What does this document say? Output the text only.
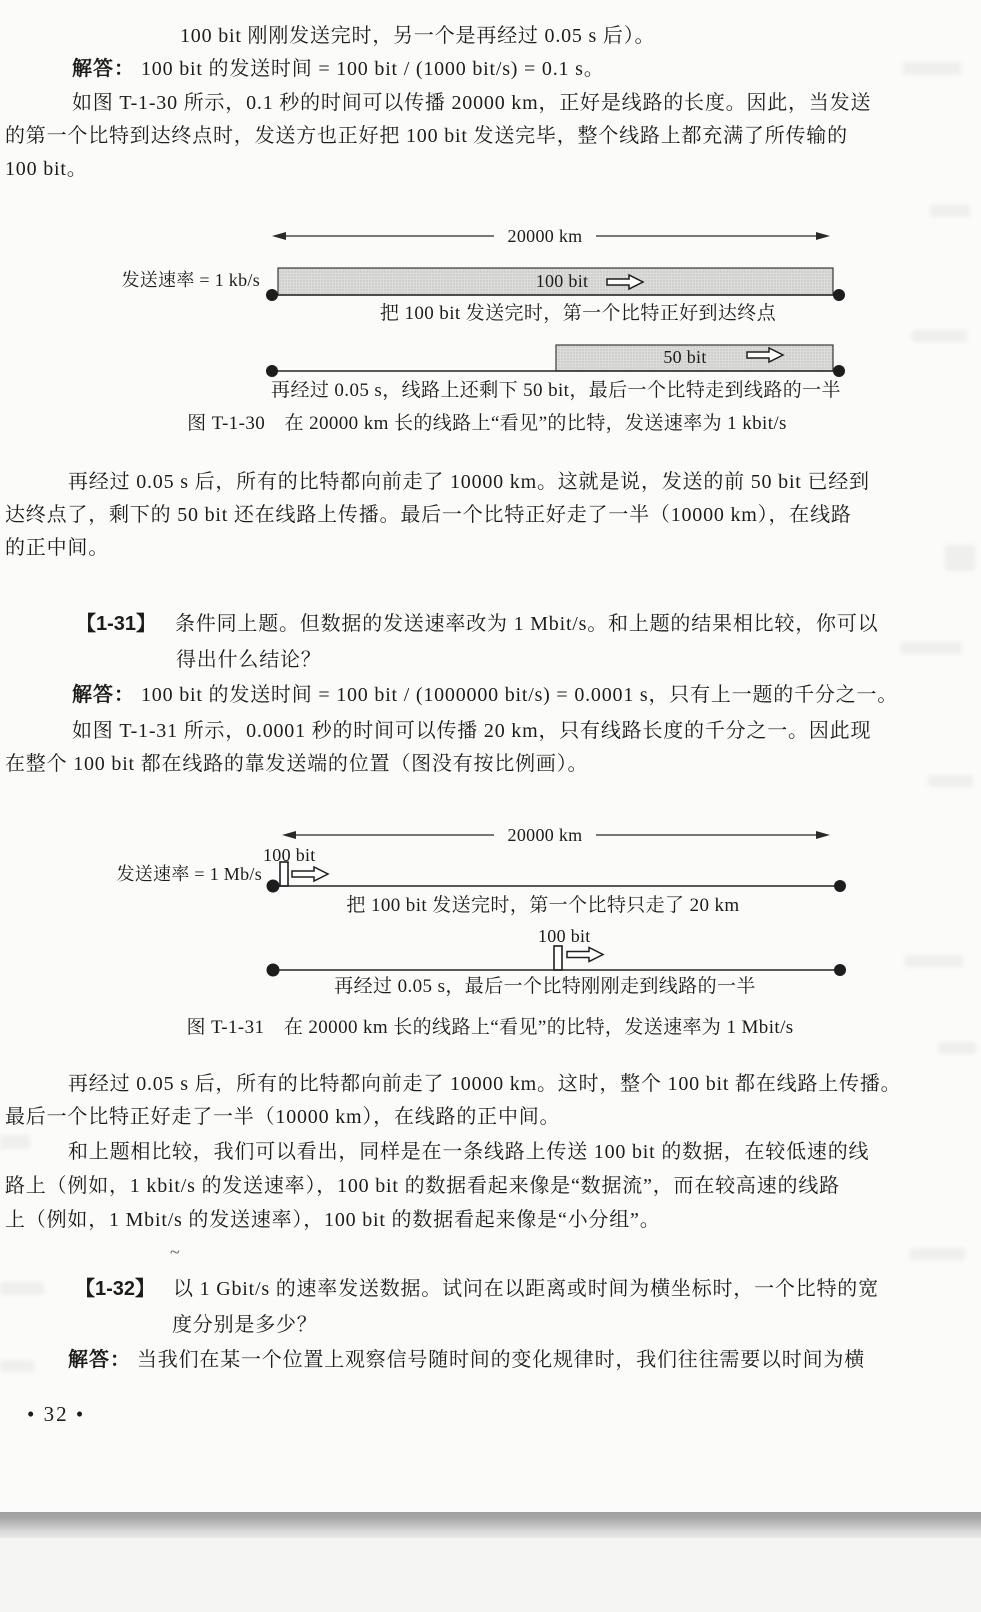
100 bit 刚刚发送完时，另一个是再经过 0.05 s 后）。
解答： 100 bit 的发送时间 = 100 bit / (1000 bit/s) = 0.1 s。
如图 T-1-30 所示，0.1 秒的时间可以传播 20000 km，正好是线路的长度。因此，当发送
的第一个比特到达终点时，发送方也正好把 100 bit 发送完毕，整个线路上都充满了所传输的
100 bit。
20000 km
发送速率 = 1 kb/s	100 bit
把 100 bit 发送完时，第一个比特正好到达终点
50 bit
再经过 0.05 s，线路上还剩下 50 bit，最后一个比特走到线路的一半
图 T-1-30　在 20000 km 长的线路上“看见”的比特，发送速率为 1 kbit/s
再经过 0.05 s 后，所有的比特都向前走了 10000 km。这就是说，发送的前 50 bit 已经到
达终点了，剩下的 50 bit 还在线路上传播。最后一个比特正好走了一半（10000 km），在线路
的正中间。
【1-31】 条件同上题。但数据的发送速率改为 1 Mbit/s。和上题的结果相比较，你可以
得出什么结论？
解答： 100 bit 的发送时间 = 100 bit / (1000000 bit/s) = 0.0001 s，只有上一题的千分之一。
如图 T-1-31 所示，0.0001 秒的时间可以传播 20 km，只有线路长度的千分之一。因此现
在整个 100 bit 都在线路的靠发送端的位置（图没有按比例画）。
20000 km
100 bit
发送速率 = 1 Mb/s
把 100 bit 发送完时，第一个比特只走了 20 km
100 bit
再经过 0.05 s，最后一个比特刚刚走到线路的一半
图 T-1-31　在 20000 km 长的线路上“看见”的比特，发送速率为 1 Mbit/s
再经过 0.05 s 后，所有的比特都向前走了 10000 km。这时，整个 100 bit 都在线路上传播。
最后一个比特正好走了一半（10000 km），在线路的正中间。
和上题相比较，我们可以看出，同样是在一条线路上传送 100 bit 的数据，在较低速的线
路上（例如，1 kbit/s 的发送速率），100 bit 的数据看起来像是“数据流”，而在较高速的线路
上（例如，1 Mbit/s 的发送速率），100 bit 的数据看起来像是“小分组”。
~
【1-32】 以 1 Gbit/s 的速率发送数据。试问在以距离或时间为横坐标时，一个比特的宽
度分别是多少？
解答： 当我们在某一个位置上观察信号随时间的变化规律时，我们往往需要以时间为横
• 32 •
